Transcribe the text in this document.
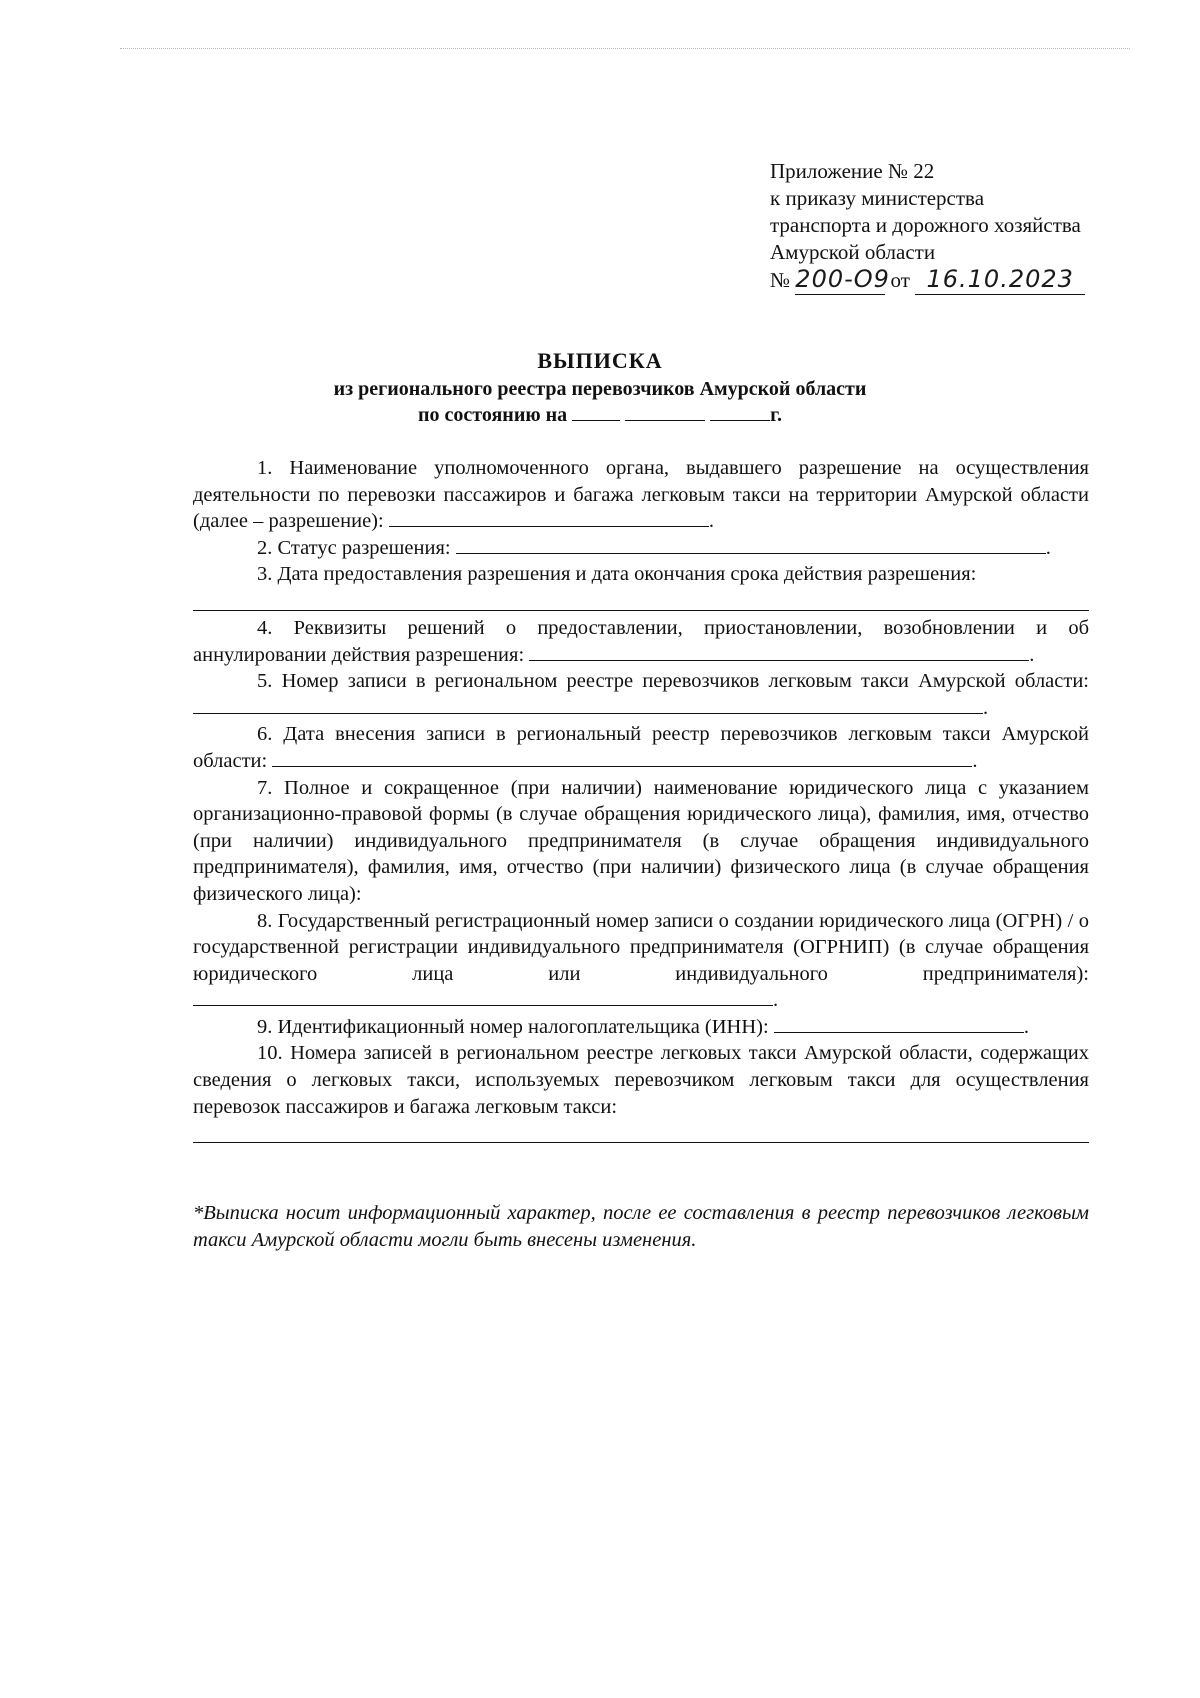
Приложение № 22
к приказу министерства
транспорта и дорожного хозяйства
Амурской области
№ 200-О9 от 16.10.2023
ВЫПИСКА
из регионального реестра перевозчиков Амурской области
по состоянию на	г.

1. Наименование уполномоченного органа, выдавшего разрешение на осуществления деятельности по перевозки пассажиров и багажа легковым такси на территории Амурской области (далее – разрешение):	.

2. Статус разрешения:	.

3. Дата предоставления разрешения и дата окончания срока действия разрешения:

4. Реквизиты решений о предоставлении, приостановлении, возобновлении и об аннулировании действия разрешения:	.

5. Номер записи в региональном реестре перевозчиков легковым такси Амурской области: .

6. Дата внесения записи в региональный реестр перевозчиков легковым такси Амурской области:	.

7. Полное и сокращенное (при наличии) наименование юридического лица с указанием организационно-правовой формы (в случае обращения юридического лица), фамилия, имя, отчество (при наличии) индивидуального предпринимателя (в случае обращения индивидуального предпринимателя), фамилия, имя, отчество (при наличии) физического лица (в случае обращения физического лица):

8. Государственный регистрационный номер записи о создании юридического лица (ОГРН) / о государственной регистрации индивидуального предпринимателя (ОГРНИП) (в случае обращения юридического лица или индивидуального предпринимателя): .

9. Идентификационный номер налогоплательщика (ИНН):	.

10. Номера записей в региональном реестре легковых такси Амурской области, содержащих сведения о легковых такси, используемых перевозчиком легковым такси для осуществления перевозок пассажиров и багажа легковым такси:

*Выписка носит информационный характер, после ее составления в реестр перевозчиков легковым такси Амурской области могли быть внесены изменения.
